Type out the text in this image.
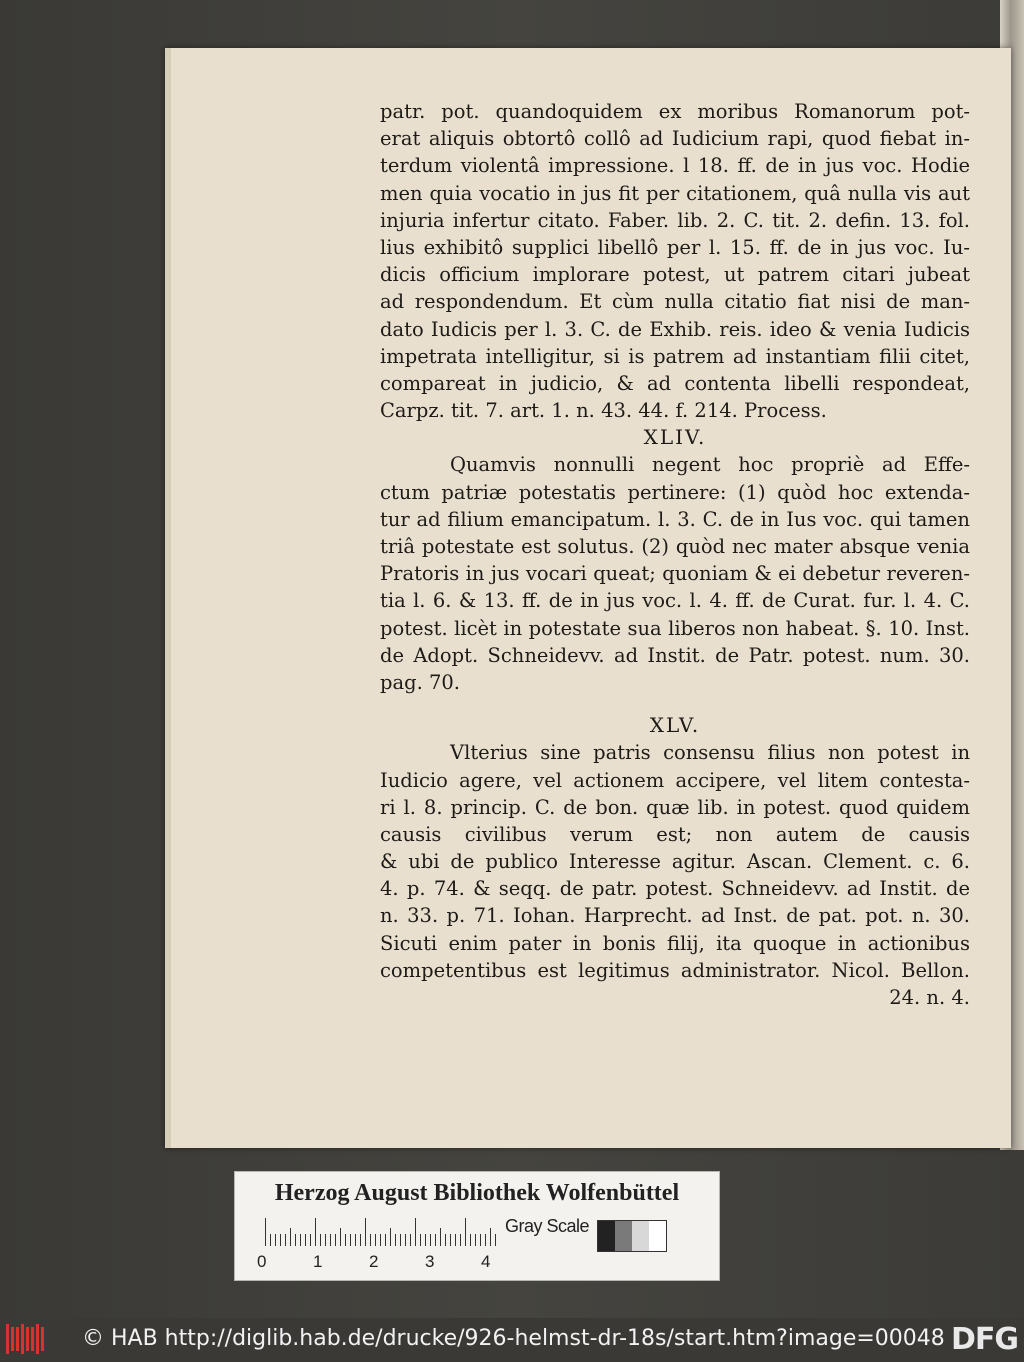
patr. pot. quandoquidem ex moribus Romanorum pot-
erat aliquis obtortô collô ad Iudicium rapi, quod fiebat in-
terdum violentâ impressione. l 18. ff. de in jus voc. Hodie
men quia vocatio in jus fit per citationem, quâ nulla vis aut
injuria infertur citato. Faber. lib. 2. C. tit. 2. defin. 13. fol.
lius exhibitô supplici libellô per l. 15. ff. de in jus voc. Iu-
dicis officium implorare potest, ut patrem citari jubeat
ad respondendum. Et cùm nulla citatio fiat nisi de man-
dato Iudicis per l. 3. C. de Exhib. reis. ideo & venia Iudicis
impetrata intelligitur, si is patrem ad instantiam filii citet,
compareat in judicio, & ad contenta libelli respondeat,
Carpz. tit. 7. art. 1. n. 43. 44. f. 214. Process.
XLIV.
Quamvis nonnulli negent hoc propriè ad Effe-
ctum patriæ potestatis pertinere: (1) quòd hoc extenda-
tur ad filium emancipatum. l. 3. C. de in Ius voc. qui tamen
triâ potestate est solutus. (2) quòd nec mater absque venia
Pratoris in jus vocari queat; quoniam & ei debetur reveren-
tia l. 6. & 13. ff. de in jus voc. l. 4. ff. de Curat. fur. l. 4. C.
potest. licèt in potestate sua liberos non habeat. §. 10. Inst.
de Adopt. Schneidevv. ad Instit. de Patr. potest. num. 30.
pag. 70.
XLV.
Vlterius sine patris consensu filius non potest in
Iudicio agere, vel actionem accipere, vel litem contesta-
ri l. 8. princip. C. de bon. quæ lib. in potest. quod quidem
causis civilibus verum est; non autem de causis
& ubi de publico Interesse agitur. Ascan. Clement. c. 6.
4. p. 74. & seqq. de patr. potest. Schneidevv. ad Instit. de
n. 33. p. 71. Iohan. Harprecht. ad Inst. de pat. pot. n. 30.
Sicuti enim pater in bonis filij, ita quoque in actionibus
competentibus est legitimus administrator. Nicol. Bellon.
24. n. 4.
Herzog August Bibliothek Wolfenbüttel
0	1	2	3	4
Gray Scale
© HAB http://diglib.hab.de/drucke/926-helmst-dr-18s/start.htm?image=00048 DFG
